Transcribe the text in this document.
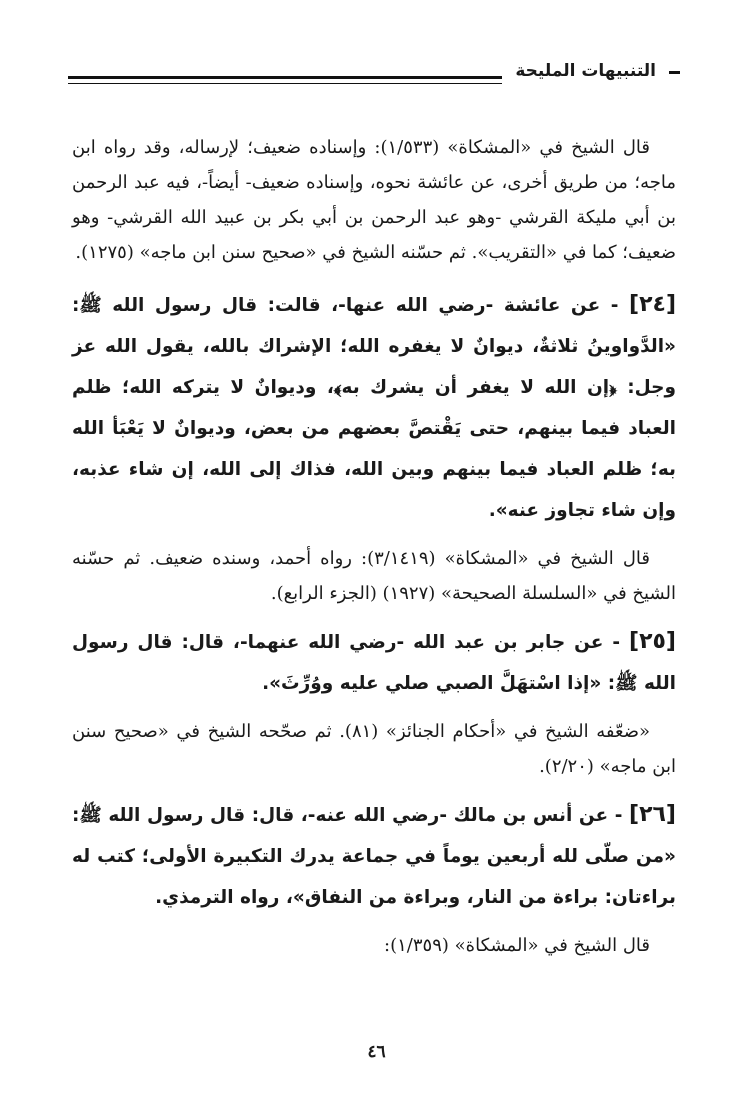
التنبيهات المليحة

قال الشيخ في «المشكاة» (١/٥٣٣): وإسناده ضعيف؛ لإرساله، وقد رواه ابن ماجه؛ من طريق أخرى، عن عائشة نحوه، وإسناده ضعيف- أيضاً-، فيه عبد الرحمن بن أبي مليكة القرشي -وهو عبد الرحمن بن أبي بكر بن عبيد الله القرشي- وهو ضعيف؛ كما في «التقريب». ثم حسّنه الشيخ في «صحيح سنن ابن ماجه» (١٢٧٥).

[٢٤] - عن عائشة -رضي الله عنها-، قالت: قال رسول الله ﷺ: «الدَّواوينُ ثلاثةٌ، ديوانٌ لا يغفره الله؛ الإشراك بالله، يقول الله عز وجل: ﴿إن الله لا يغفر أن يشرك به﴾، وديوانٌ لا يتركه الله؛ ظلم العباد فيما بينهم، حتى يَقْتصَّ بعضهم من بعض، وديوانٌ لا يَعْبَأ الله به؛ ظلم العباد فيما بينهم وبين الله، فذاك إلى الله، إن شاء عذبه، وإن شاء تجاوز عنه».

قال الشيخ في «المشكاة» (٣/١٤١٩): رواه أحمد، وسنده ضعيف. ثم حسّنه الشيخ في «السلسلة الصحيحة» (١٩٢٧) (الجزء الرابع).

[٢٥] - عن جابر بن عبد الله -رضي الله عنهما-، قال: قال رسول الله ﷺ: «إذا اسْتهَلَّ الصبي صلي عليه ووُرِّثَ».

«ضعّفه الشيخ في «أحكام الجنائز» (٨١). ثم صحّحه الشيخ في «صحيح سنن ابن ماجه» (٢/٢٠).

[٢٦] - عن أنس بن مالك -رضي الله عنه-، قال: قال رسول الله ﷺ: «من صلّى لله أربعين يوماً في جماعة يدرك التكبيرة الأولى؛ كتب له براءتان: براءة من النار، وبراءة من النفاق»، رواه الترمذي.

قال الشيخ في «المشكاة» (١/٣٥٩):

٤٦
